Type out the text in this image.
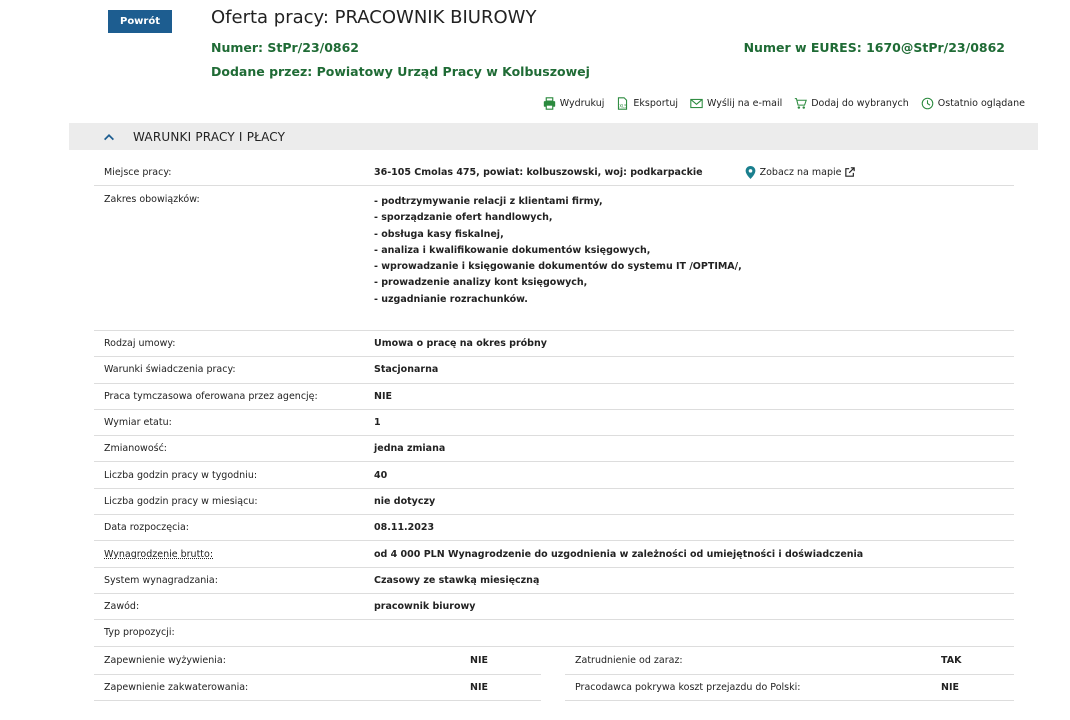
Powrót	Oferta pracy: PRACOWNIK BIUROWY
Numer: StPr/23/0862	Numer w EURES: 1670@StPr/23/0862
Dodane przez: Powiatowy Urząd Pracy w Kolbuszowej
Wydrukuj	XLS Eksportuj	Wyślij na e-mail	Dodaj do wybranych	Ostatnio oglądane
WARUNKI PRACY I PŁACY
Miejsce pracy:	36-105 Cmolas 475, powiat: kolbuszowski, woj: podkarpackie	Zobacz na mapie
Zakres obowiązków:	- podtrzymywanie relacji z klientami firmy,
- sporządzanie ofert handlowych,
- obsługa kasy fiskalnej,
- analiza i kwalifikowanie dokumentów księgowych,
- wprowadzanie i księgowanie dokumentów do systemu IT /OPTIMA/,
- prowadzenie analizy kont księgowych,
- uzgadnianie rozrachunków.
Rodzaj umowy:	Umowa o pracę na okres próbny
Warunki świadczenia pracy:	Stacjonarna
Praca tymczasowa oferowana przez agencję:	NIE
Wymiar etatu:	1
Zmianowość:	jedna zmiana
Liczba godzin pracy w tygodniu:	40
Liczba godzin pracy w miesiącu:	nie dotyczy
Data rozpoczęcia:	08.11.2023
Wynagrodzenie brutto:	od 4 000 PLN Wynagrodzenie do uzgodnienia w zależności od umiejętności i doświadczenia
System wynagradzania:	Czasowy ze stawką miesięczną
Zawód:	pracownik biurowy
Typ propozycji:
Zapewnienie wyżywienia:	NIE	Zatrudnienie od zaraz:	TAK
Zapewnienie zakwaterowania:	NIE	Pracodawca pokrywa koszt przejazdu do Polski:	NIE
